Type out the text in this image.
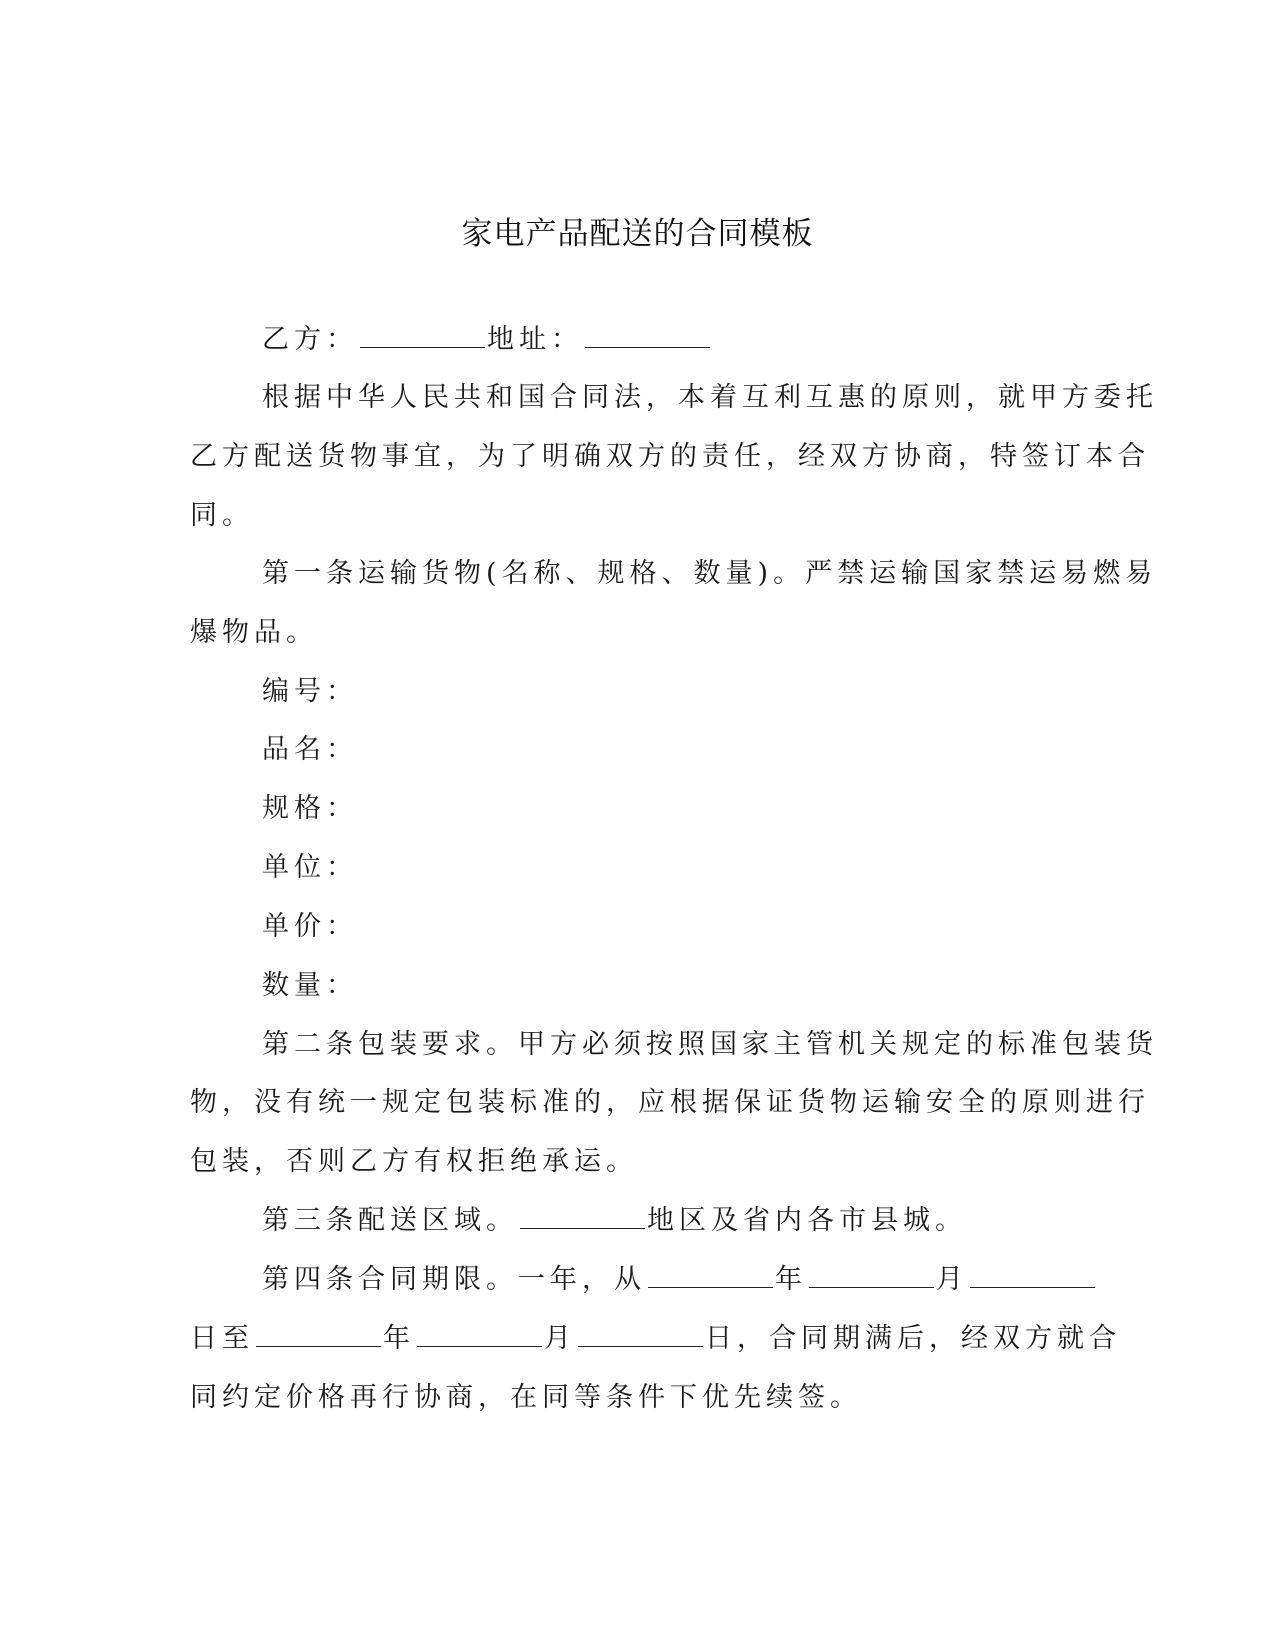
家电产品配送的合同模板
乙方：	地址：
根据中华人民共和国合同法，本着互利互惠的原则，就甲方委托
乙方配送货物事宜，为了明确双方的责任，经双方协商，特签订本合
同。
第一条运输货物(名称、规格、数量)。严禁运输国家禁运易燃易
爆物品。
编号：
品名：
规格：
单位：
单价：
数量：
第二条包装要求。甲方必须按照国家主管机关规定的标准包装货
物，没有统一规定包装标准的，应根据保证货物运输安全的原则进行
包装，否则乙方有权拒绝承运。
第三条配送区域。	地区及省内各市县城。
第四条合同期限。一年，从	年	月
日至	年	月	日，合同期满后，经双方就合
同约定价格再行协商，在同等条件下优先续签。
